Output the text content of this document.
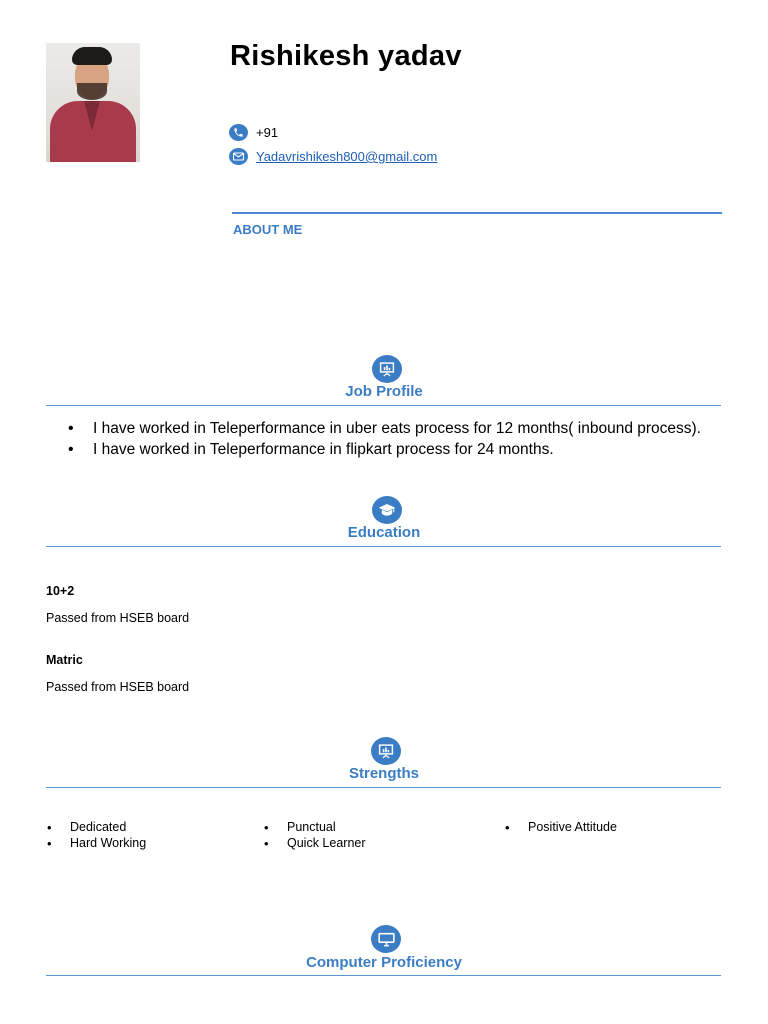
Rishikesh yadav
+91
Yadavrishikesh800@gmail.com
ABOUT ME
Job Profile
• I have worked in Teleperformance in uber eats process for 12 months( inbound process).
• I have worked in Teleperformance in flipkart process for 24 months.
Education
10+2
Passed from HSEB board
Matric
Passed from HSEB board
Strengths
• Dedicated
• Hard Working
• Punctual
• Quick Learner
• Positive Attitude
Computer Proficiency
